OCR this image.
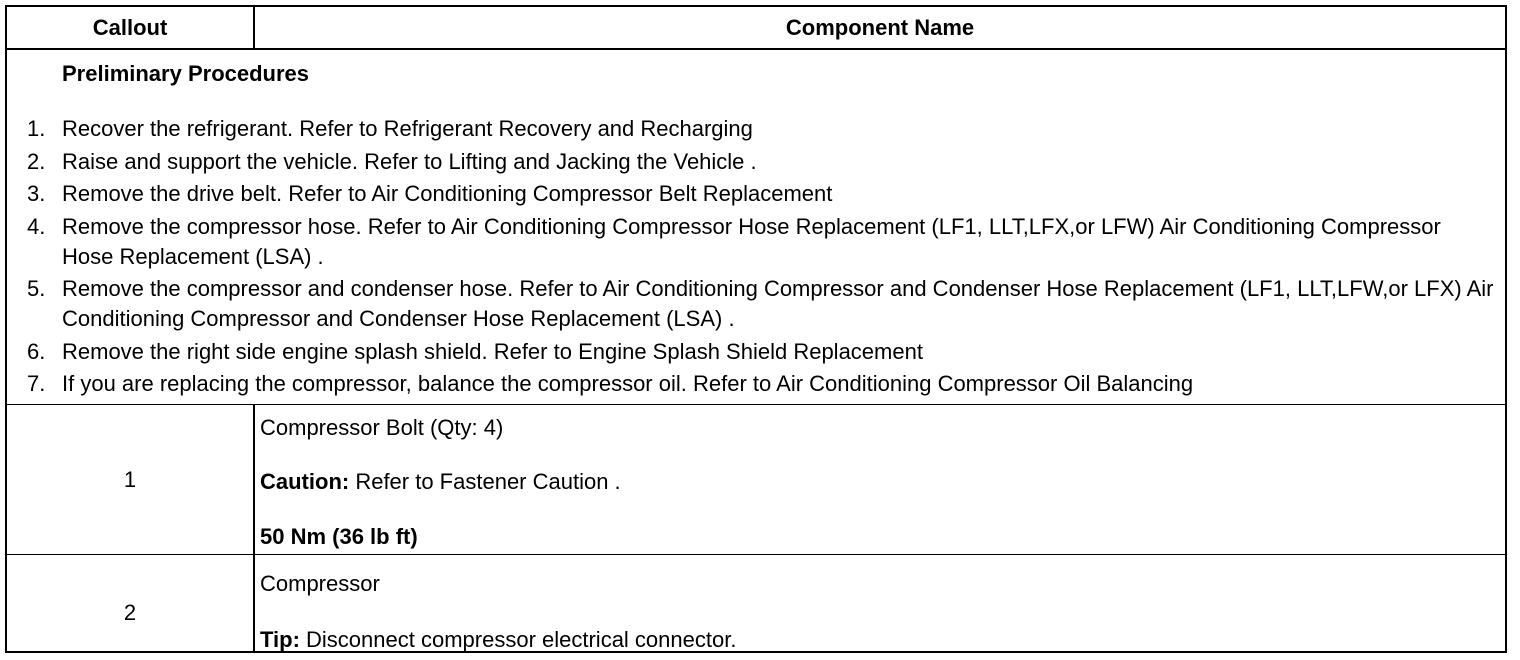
Callout	Component Name
Preliminary Procedures
1. Recover the refrigerant. Refer to Refrigerant Recovery and Recharging
2. Raise and support the vehicle. Refer to Lifting and Jacking the Vehicle .
3. Remove the drive belt. Refer to Air Conditioning Compressor Belt Replacement
4. Remove the compressor hose. Refer to Air Conditioning Compressor Hose Replacement (LF1, LLT,LFX,or LFW) Air Conditioning Compressor Hose Replacement (LSA) .
5. Remove the compressor and condenser hose. Refer to Air Conditioning Compressor and Condenser Hose Replacement (LF1, LLT,LFW,or LFX) Air Conditioning Compressor and Condenser Hose Replacement (LSA) .
6. Remove the right side engine splash shield. Refer to Engine Splash Shield Replacement
7. If you are replacing the compressor, balance the compressor oil. Refer to Air Conditioning Compressor Oil Balancing
1
Compressor Bolt (Qty: 4)
Caution: Refer to Fastener Caution .
50 Nm (36 lb ft)
2
Compressor
Tip: Disconnect compressor electrical connector.
